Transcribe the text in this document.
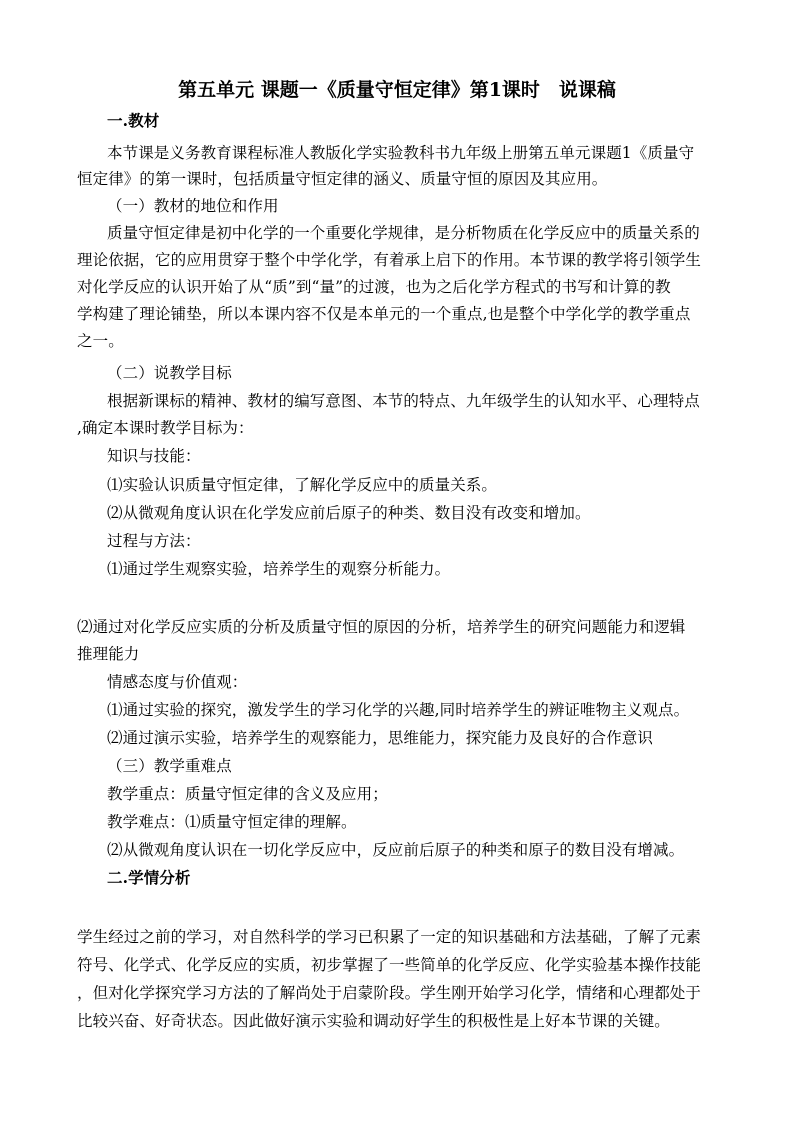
第五单元 课题一《质量守恒定律》第1课时　说课稿
一.教材
本节课是义务教育课程标准人教版化学实验教科书九年级上册第五单元课题1《质量守
恒定律》的第一课时，包括质量守恒定律的涵义、质量守恒的原因及其应用。
（一）教材的地位和作用
质量守恒定律是初中化学的一个重要化学规律，是分析物质在化学反应中的质量关系的
理论依据，它的应用贯穿于整个中学化学，有着承上启下的作用。本节课的教学将引领学生
对化学反应的认识开始了从“质”到“量”的过渡，也为之后化学方程式的书写和计算的教
学构建了理论铺垫，所以本课内容不仅是本单元的一个重点,也是整个中学化学的教学重点
之一。
（二）说教学目标
根据新课标的精神、教材的编写意图、本节的特点、九年级学生的认知水平、心理特点
,确定本课时教学目标为：
知识与技能：
⑴实验认识质量守恒定律，了解化学反应中的质量关系。
⑵从微观角度认识在化学发应前后原子的种类、数目没有改变和增加。
过程与方法：
⑴通过学生观察实验，培养学生的观察分析能力。
⑵通过对化学反应实质的分析及质量守恒的原因的分析，培养学生的研究问题能力和逻辑
推理能力
情感态度与价值观：
⑴通过实验的探究，激发学生的学习化学的兴趣,同时培养学生的辨证唯物主义观点。
⑵通过演示实验，培养学生的观察能力，思维能力，探究能力及良好的合作意识
（三）教学重难点
教学重点：质量守恒定律的含义及应用；
教学难点：⑴质量守恒定律的理解。
⑵从微观角度认识在一切化学反应中，反应前后原子的种类和原子的数目没有增减。
二.学情分析
学生经过之前的学习，对自然科学的学习已积累了一定的知识基础和方法基础，了解了元素
符号、化学式、化学反应的实质，初步掌握了一些简单的化学反应、化学实验基本操作技能
，但对化学探究学习方法的了解尚处于启蒙阶段。学生刚开始学习化学，情绪和心理都处于
比较兴奋、好奇状态。因此做好演示实验和调动好学生的积极性是上好本节课的关键。
